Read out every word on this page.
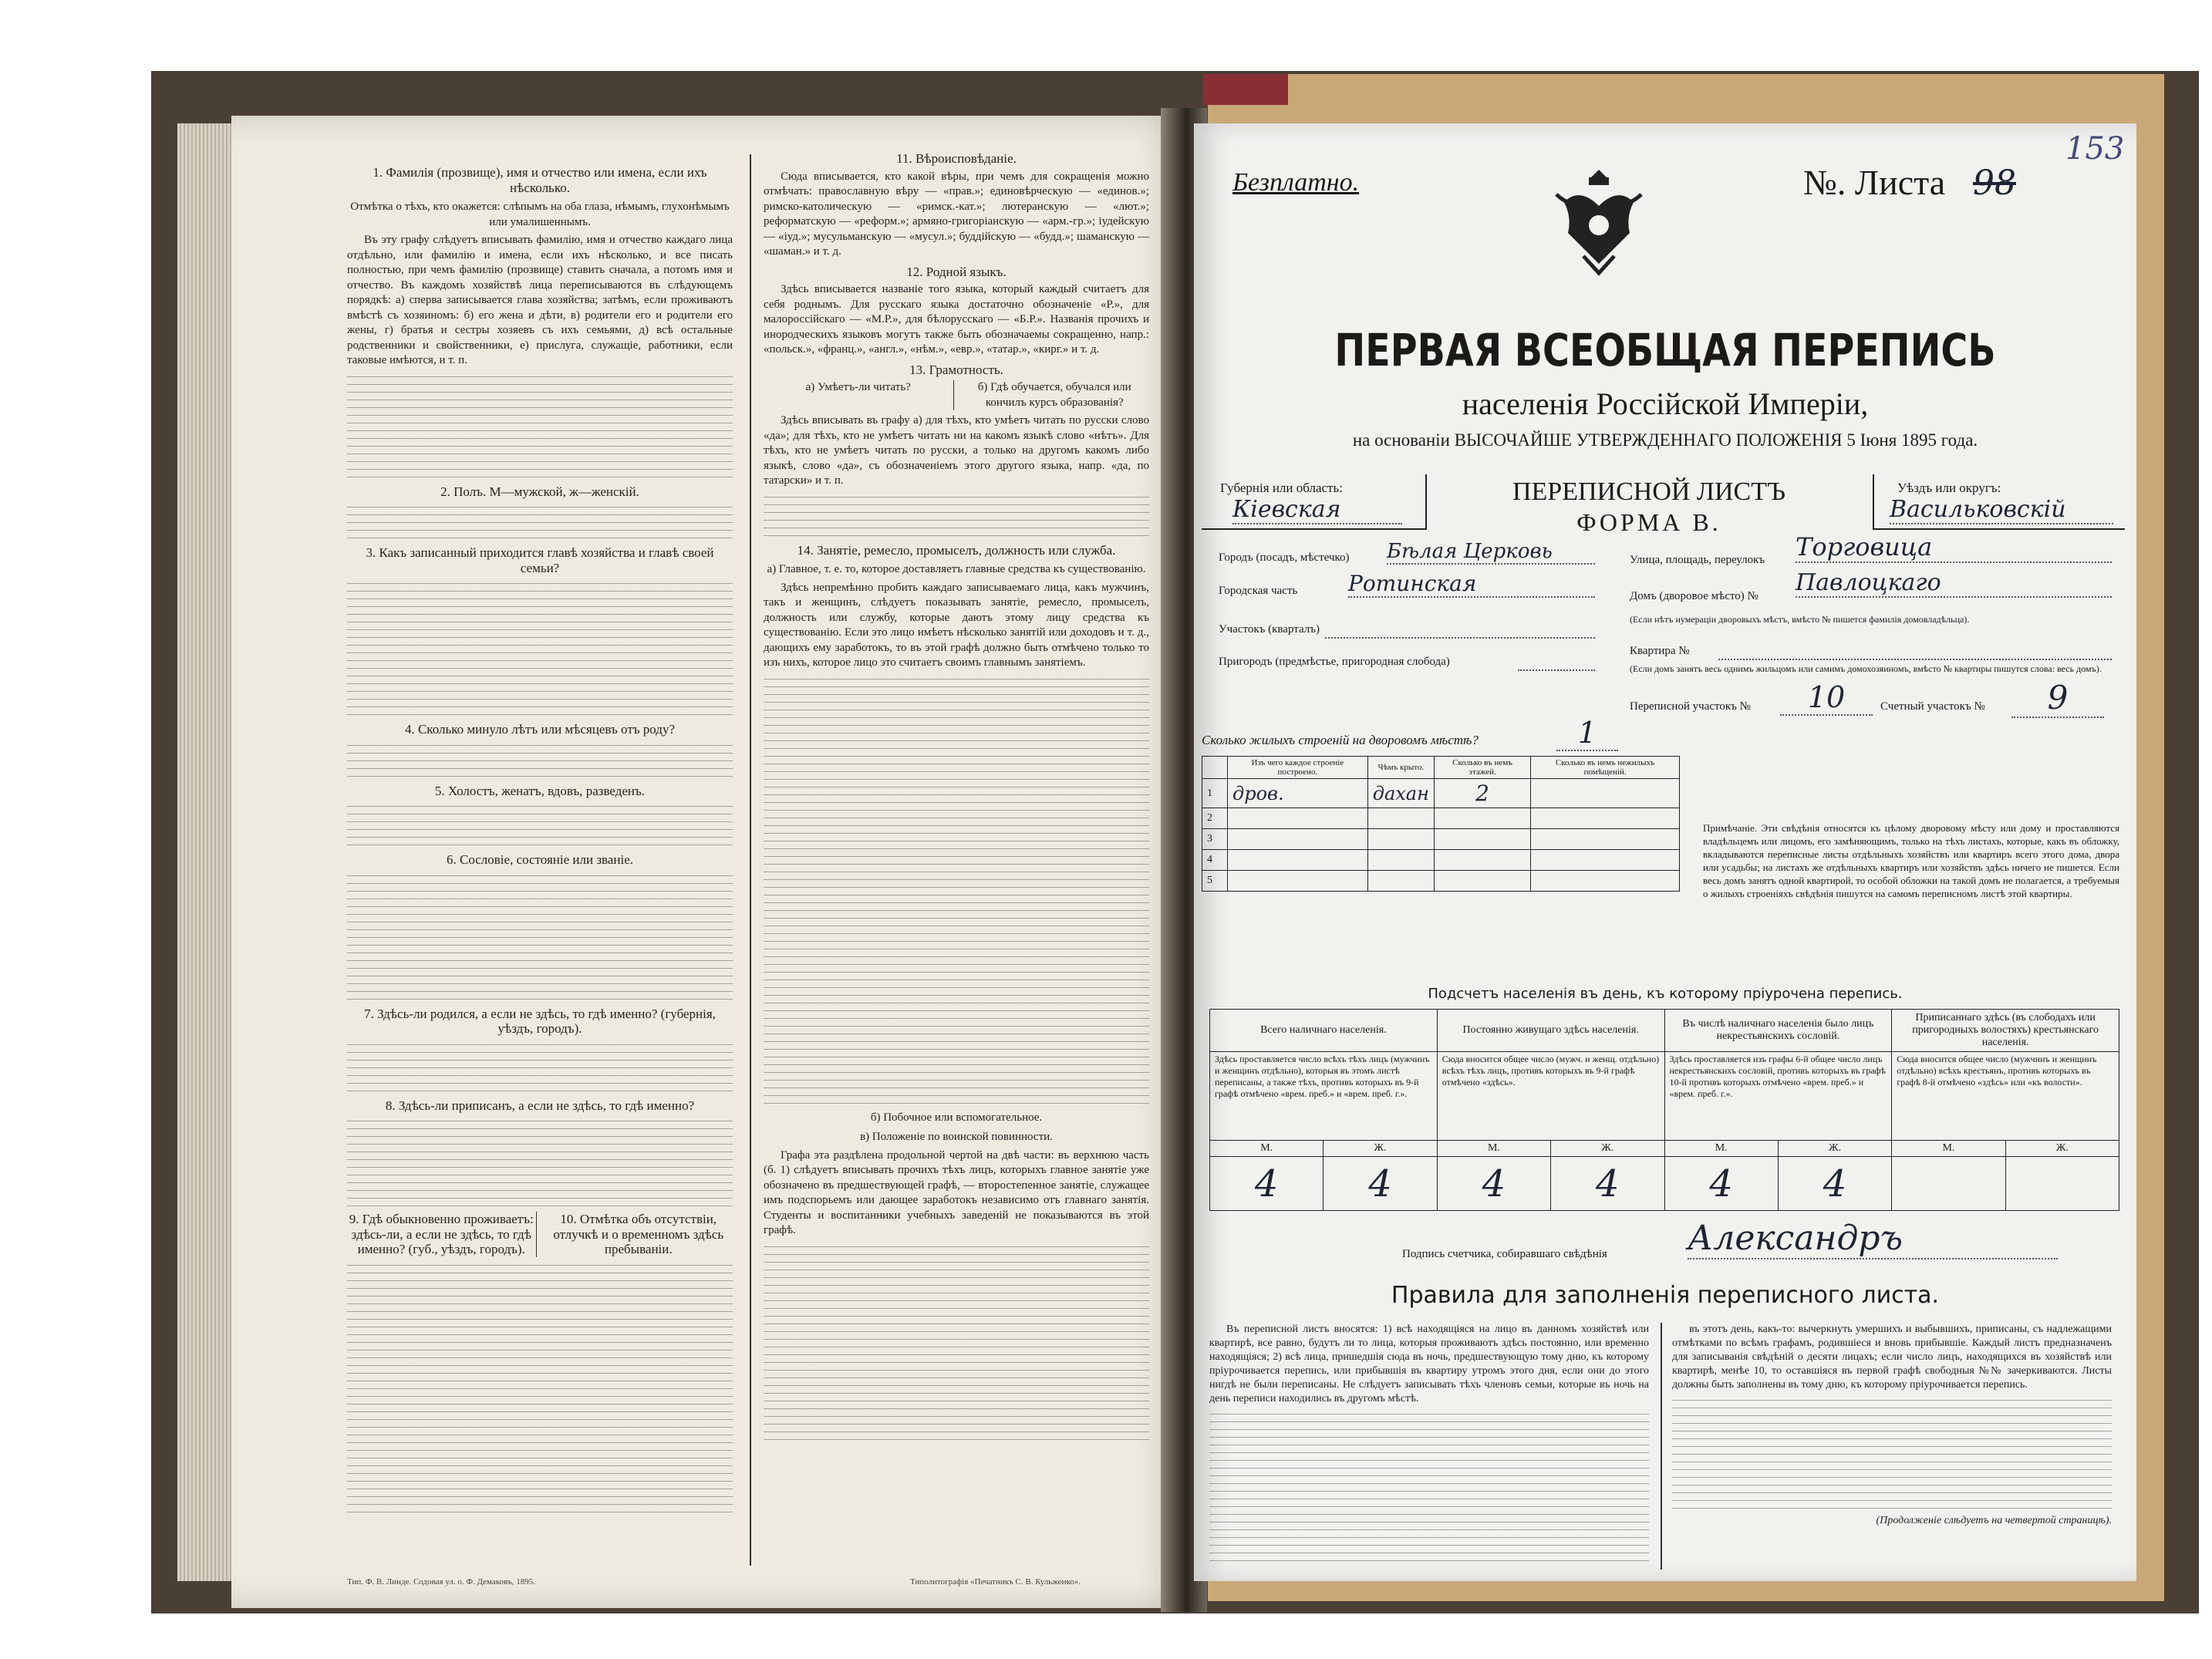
1. Фамилія (прозвище), имя и отчество или имена, если ихъ нѣсколько.

Отмѣтка о тѣхъ, кто окажется: слѣпымъ на оба глаза, нѣмымъ, глухонѣмымъ или умалишеннымъ.

Въ эту графу слѣдуетъ вписывать фамилію, имя и отчество каждаго лица отдѣльно, или фамилію и имена, если ихъ нѣсколько, и все писать полностью, при чемъ фамилію (прозвище) ставить сначала, а потомъ имя и отчество. Въ каждомъ хозяйствѣ лица переписываются въ слѣдующемъ порядкѣ: а) сперва записывается глава хозяйства; затѣмъ, если проживаютъ вмѣстѣ съ хозяиномъ: б) его жена и дѣти, в) родители его и родители его жены, г) братья и сестры хозяевъ съ ихъ семьями, д) всѣ остальные родственники и свойственники, е) прислуга, служащіе, работники, если таковые имѣются, и т. п.

2. Полъ. М—мужской, ж—женскій.

3. Какъ записанный приходится главѣ хозяйства и главѣ своей семьи?

4. Сколько минуло лѣтъ или мѣсяцевъ отъ роду?

5. Холостъ, женатъ, вдовъ, разведенъ.

6. Сословіе, состояніе или званіе.

7. Здѣсь-ли родился, а если не здѣсь, то гдѣ именно? (губернія, уѣздъ, городъ).

8. Здѣсь-ли приписанъ, а если не здѣсь, то гдѣ именно?

9. Гдѣ обыкновенно проживаетъ: здѣсь-ли, а если не здѣсь, то гдѣ именно? (губ., уѣздъ, городъ).

10. Отмѣтка объ отсутствіи, отлучкѣ и о временномъ здѣсь пребываніи.

Тип. Ф. В. Линде. Содовая ул. о. Ф. Демаковъ, 1895.

11. Вѣроисповѣданіе.

Сюда вписывается, кто какой вѣры, при чемъ для сокращенія можно отмѣчать: православную вѣру — «прав.»; единовѣрческую — «единов.»; римско-католическую — «римск.-кат.»; лютеранскую — «лют.»; реформатскую — «реформ.»; армяно-григоріанскую — «арм.-гр.»; іудейскую — «іуд.»; мусульманскую — «мусул.»; буддійскую — «будд.»; шаманскую — «шаман.» и т. д.

12. Родной языкъ.

Здѣсь вписывается названіе того языка, который каждый считаетъ для себя роднымъ. Для русскаго языка достаточно обозначеніе «Р.», для малороссійскаго — «М.Р.», для бѣлорусскаго — «Б.Р.». Названія прочихъ и инородческихъ языковъ могутъ также быть обозначаемы сокращенно, напр.: «польск.», «франц.», «англ.», «нѣм.», «евр.», «татар.», «кирг.» и т. д.

13. Грамотность.

а) Умѣетъ-ли читать?	б) Гдѣ обучается, обучался или кончилъ курсъ образованія?

Здѣсь вписывать въ графу а) для тѣхъ, кто умѣетъ читать по русски слово «да»; для тѣхъ, кто не умѣетъ читать ни на какомъ языкѣ слово «нѣтъ». Для тѣхъ, кто не умѣетъ читать по русски, а только на другомъ какомъ либо языкѣ, слово «да», съ обозначеніемъ этого другого языка, напр. «да, по татарски» и т. п.

14. Занятіе, ремесло, промыселъ, должность или служба.

а) Главное, т. е. то, которое доставляетъ главные средства къ существованію.

Здѣсь непремѣнно пробить каждаго записываемаго лица, какъ мужчинъ, такъ и женщинъ, слѣдуетъ показывать занятіе, ремесло, промыселъ, должность или службу, которые даютъ этому лицу средства къ существованію. Если это лицо имѣетъ нѣсколько занятій или доходовъ и т. д., дающихъ ему заработокъ, то въ этой графѣ должно быть отмѣчено только то изъ нихъ, которое лицо это считаетъ своимъ главнымъ занятіемъ.

б) Побочное или вспомогательное.

в) Положеніе по воинской повинности.

Графа эта раздѣлена продольной чертой на двѣ части: въ верхнюю часть (б. 1) слѣдуетъ вписывать прочихъ тѣхъ лицъ, которыхъ главное занятіе уже обозначено въ предшествующей графѣ, — второстепенное занятіе, служащее имъ подспорьемъ или дающее заработокъ независимо отъ главнаго занятія. Студенты и воспитанники учебныхъ заведеній не показываются въ этой графѣ.

Типолитографія «Печатникъ С. В. Кульженко».
Безплатно.	№. Листа 98
153
ПЕРВАЯ ВСЕОБЩАЯ ПЕРЕПИСЬ
населенія Россійской Имперіи,
на основаніи ВЫСОЧАЙШЕ УТВЕРЖДЕННАГО ПОЛОЖЕНІЯ 5 Іюня 1895 года.
Губернія или область:
Кіевская
ПЕРЕПИСНОЙ ЛИСТЪ
ФОРМА В.
Уѣздъ или округъ:
Васильковскій
Городъ (посадъ, мѣстечко) Бѣлая Церковь
Городская часть Ротинская
Участокъ (кварталъ)
Пригородъ (предмѣстье, пригородная слобода)
Улица, площадь, переулокъ Торговица
Домъ (дворовое мѣсто) № Павлоцкаго
(Если нѣтъ нумераціи дворовыхъ мѣстъ, вмѣсто № пишется фамилія домовладѣльца).
Квартира №
(Если домъ занятъ весь однимъ жильцомъ или самимъ домохозяиномъ, вмѣсто № квартиры пишутся слова: весь домъ).
Переписной участокъ №	10	Счетный участокъ №	9
Сколько жилыхъ строеній на дворовомъ мѣстѣ?	1
	Изъ чего каждое строеніе построено.	Чѣмъ крыто.	Сколько въ немъ этажей.	Сколько въ немъ нежилыхъ помѣщеній.
1	дров.	дахан	2	
2				
3				
4				
5				
Примѣчаніе. Эти свѣдѣнія относятся къ цѣлому дворовому мѣсту или дому и проставляются владѣльцемъ или лицомъ, его замѣняющимъ, только на тѣхъ листахъ, которые, какъ въ обложку, вкладываются переписные листы отдѣльныхъ хозяйствъ или квартиръ всего этого дома, двора или усадьбы; на листахъ же отдѣльныхъ квартиръ или хозяйствъ здѣсь ничего не пишется. Если весь домъ занятъ одной квартирой, то особой обложки на такой домъ не полагается, а требуемыя о жилыхъ строеніяхъ свѣдѣнія пишутся на самомъ переписномъ листѣ этой квартиры.
Подсчетъ населенія въ день, къ которому пріурочена перепись.
Всего наличнаго населенія.		Постоянно живущаго здѣсь населенія.		Въ числѣ наличнаго населенія было лицъ некрестьянскихъ сословій.		Приписаннаго здѣсь (въ слободахъ или пригородныхъ волостяхъ) крестьянскаго населенія.	
Здѣсь проставляется число всѣхъ тѣхъ лицъ (мужчинъ и женщинъ отдѣльно), которыя въ этомъ листѣ переписаны, а также тѣхъ, противъ которыхъ въ 9-й графѣ отмѣчено «врем. преб.» и «врем. преб. г.».		Сюда вносится общее число (мужч. и женщ. отдѣльно) всѣхъ тѣхъ лицъ, противъ которыхъ въ 9-й графѣ отмѣчено «здѣсь».		Здѣсь проставляется изъ графы 6-й общее число лицъ некрестьянскихъ сословій, противъ которыхъ въ графѣ 10-й противъ которыхъ отмѣчено «врем. преб.» и «врем. преб. г.».		Сюда вносится общее число (мужчинъ и женщинъ отдѣльно) всѣхъ крестьянъ, противъ которыхъ въ графѣ 8-й отмѣчено «здѣсь» или «къ волости».	
М.	Ж.	М.	Ж.	М.	Ж.	М.	Ж.
4	4	4	4	4	4		
Подпись счетчика, собиравшаго свѣдѣнія Александръ
Правила для заполненія переписного листа.

Въ переписной листъ вносятся: 1) всѣ находящіяся на лицо въ данномъ хозяйствѣ или квартирѣ, все равно, будутъ ли то лица, которыя проживаютъ здѣсь постоянно, или временно находящіяся; 2) всѣ лица, пришедшія сюда въ ночь, предшествующую тому дню, къ которому пріурочивается перепись, или прибывшія въ квартиру утромъ этого дня, если они до этого нигдѣ не были переписаны. Не слѣдуетъ записывать тѣхъ членовъ семьи, которые въ ночь на день переписи находились въ другомъ мѣстѣ.

въ этотъ день, какъ-то: вычеркнуть умершихъ и выбывшихъ, приписаны, съ надлежащими отмѣтками по всѣмъ графамъ, родившіеся и вновь прибывшіе. Каждый листъ предназначенъ для записыванія свѣдѣній о десяти лицахъ; если число лицъ, находящихся въ хозяйствѣ или квартирѣ, менѣе 10, то оставшіяся въ первой графѣ свободныя №№ зачеркиваются. Листы должны быть заполнены въ тому дню, къ которому пріурочивается перепись.

(Продолженіе слѣдуетъ на четвертой страницѣ).
